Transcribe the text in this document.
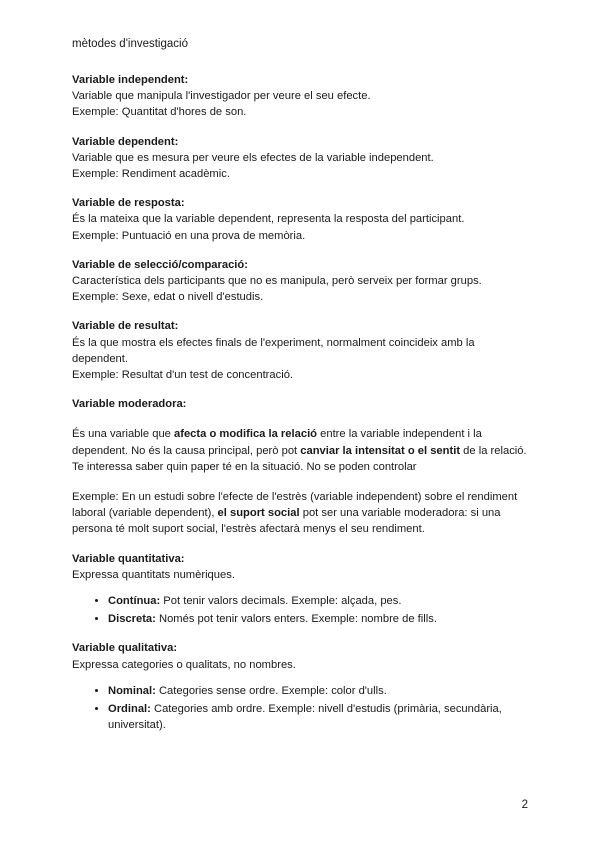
mètodes d'investigació

Variable independent:

Variable que manipula l'investigador per veure el seu efecte.

Exemple: Quantitat d'hores de son.

Variable dependent:

Variable que es mesura per veure els efectes de la variable independent.

Exemple: Rendiment acadèmic.

Variable de resposta:

És la mateixa que la variable dependent, representa la resposta del participant.

Exemple: Puntuació en una prova de memòria.

Variable de selecció/comparació:

Característica dels participants que no es manipula, però serveix per formar grups.

Exemple: Sexe, edat o nivell d'estudis.

Variable de resultat:

És la que mostra els efectes finals de l'experiment, normalment coincideix amb la dependent.

Exemple: Resultat d'un test de concentració.

Variable moderadora:

És una variable que afecta o modifica la relació entre la variable independent i la dependent. No és la causa principal, però pot canviar la intensitat o el sentit de la relació. Te interessa saber quin paper té en la situació. No se poden controlar

Exemple: En un estudi sobre l'efecte de l'estrès (variable independent) sobre el rendiment laboral (variable dependent), el suport social pot ser una variable moderadora: si una persona té molt suport social, l'estrès afectarà menys el seu rendiment.

Variable quantitativa:

Expressa quantitats numèriques.

• Contínua: Pot tenir valors decimals. Exemple: alçada, pes.
• Discreta: Només pot tenir valors enters. Exemple: nombre de fills.

Variable qualitativa:

Expressa categories o qualitats, no nombres.

• Nominal: Categories sense ordre. Exemple: color d'ulls.
• Ordinal: Categories amb ordre. Exemple: nivell d'estudis (primària, secundària, universitat).
2
